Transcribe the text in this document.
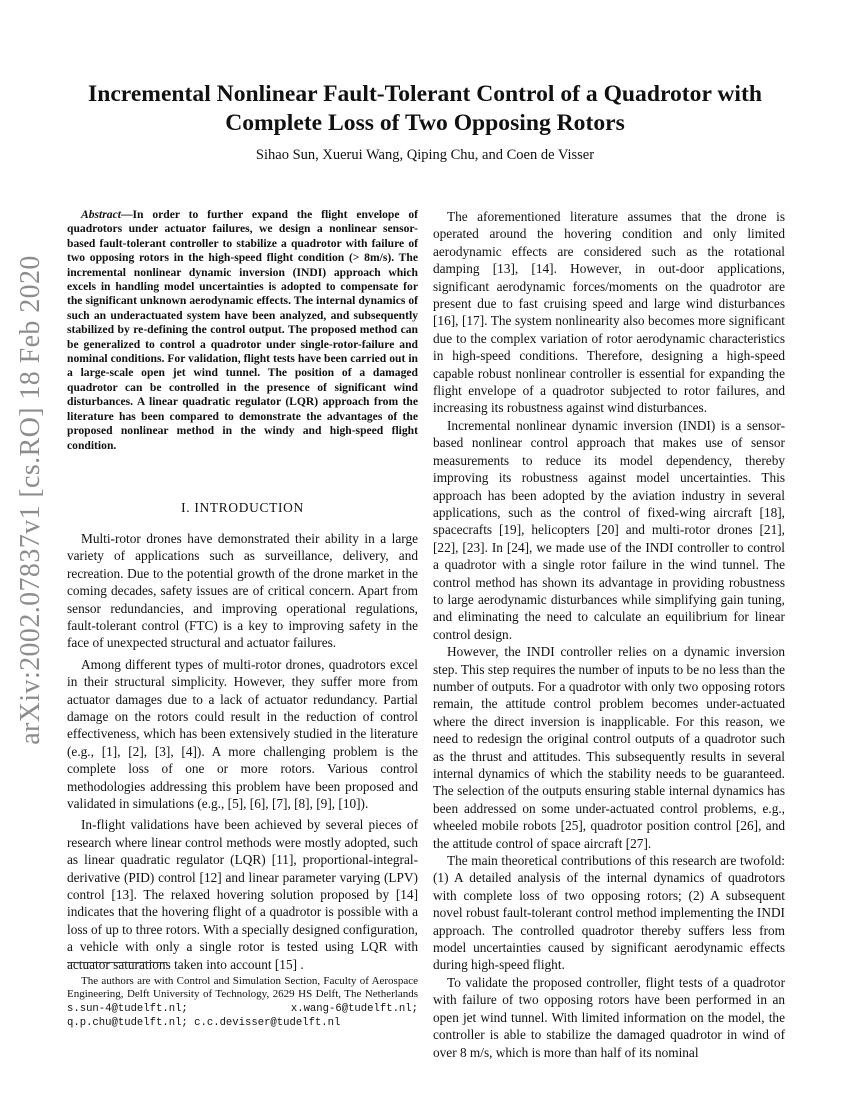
arXiv:2002.07837v1 [cs.RO] 18 Feb 2020
Incremental Nonlinear Fault-Tolerant Control of a Quadrotor with Complete Loss of Two Opposing Rotors

Sihao Sun, Xuerui Wang, Qiping Chu, and Coen de Visser

Abstract—In order to further expand the flight envelope of quadrotors under actuator failures, we design a nonlinear sensor-based fault-tolerant controller to stabilize a quadrotor with failure of two opposing rotors in the high-speed flight condition (> 8m/s). The incremental nonlinear dynamic inversion (INDI) approach which excels in handling model uncertainties is adopted to compensate for the significant unknown aerodynamic effects. The internal dynamics of such an underactuated system have been analyzed, and subsequently stabilized by re-defining the control output. The proposed method can be generalized to control a quadrotor under single-rotor-failure and nominal conditions. For validation, flight tests have been carried out in a large-scale open jet wind tunnel. The position of a damaged quadrotor can be controlled in the presence of significant wind disturbances. A linear quadratic regulator (LQR) approach from the literature has been compared to demonstrate the advantages of the proposed nonlinear method in the windy and high-speed flight condition.

I. INTRODUCTION

Multi-rotor drones have demonstrated their ability in a large variety of applications such as surveillance, delivery, and recreation. Due to the potential growth of the drone market in the coming decades, safety issues are of critical concern. Apart from sensor redundancies, and improving operational regulations, fault-tolerant control (FTC) is a key to improving safety in the face of unexpected structural and actuator failures.

Among different types of multi-rotor drones, quadrotors excel in their structural simplicity. However, they suffer more from actuator damages due to a lack of actuator redundancy. Partial damage on the rotors could result in the reduction of control effectiveness, which has been extensively studied in the literature (e.g., [1], [2], [3], [4]). A more challenging problem is the complete loss of one or more rotors. Various control methodologies addressing this problem have been proposed and validated in simulations (e.g., [5], [6], [7], [8], [9], [10]).

In-flight validations have been achieved by several pieces of research where linear control methods were mostly adopted, such as linear quadratic regulator (LQR) [11], proportional-integral-derivative (PID) control [12] and linear parameter varying (LPV) control [13]. The relaxed hovering solution proposed by [14] indicates that the hovering flight of a quadrotor is possible with a loss of up to three rotors. With a specially designed configuration, a vehicle with only a single rotor is tested using LQR with actuator saturations taken into account [15] .

The authors are with Control and Simulation Section, Faculty of Aerospace Engineering, Delft University of Technology, 2629 HS Delft, The Netherlands s.sun-4@tudelft.nl; x.wang-6@tudelft.nl; q.p.chu@tudelft.nl; c.c.devisser@tudelft.nl

The aforementioned literature assumes that the drone is operated around the hovering condition and only limited aerodynamic effects are considered such as the rotational damping [13], [14]. However, in out-door applications, significant aerodynamic forces/moments on the quadrotor are present due to fast cruising speed and large wind disturbances [16], [17]. The system nonlinearity also becomes more significant due to the complex variation of rotor aerodynamic characteristics in high-speed conditions. Therefore, designing a high-speed capable robust nonlinear controller is essential for expanding the flight envelope of a quadrotor subjected to rotor failures, and increasing its robustness against wind disturbances.

Incremental nonlinear dynamic inversion (INDI) is a sensor-based nonlinear control approach that makes use of sensor measurements to reduce its model dependency, thereby improving its robustness against model uncertainties. This approach has been adopted by the aviation industry in several applications, such as the control of fixed-wing aircraft [18], spacecrafts [19], helicopters [20] and multi-rotor drones [21], [22], [23]. In [24], we made use of the INDI controller to control a quadrotor with a single rotor failure in the wind tunnel. The control method has shown its advantage in providing robustness to large aerodynamic disturbances while simplifying gain tuning, and eliminating the need to calculate an equilibrium for linear control design.

However, the INDI controller relies on a dynamic inversion step. This step requires the number of inputs to be no less than the number of outputs. For a quadrotor with only two opposing rotors remain, the attitude control problem becomes under-actuated where the direct inversion is inapplicable. For this reason, we need to redesign the original control outputs of a quadrotor such as the thrust and attitudes. This subsequently results in several internal dynamics of which the stability needs to be guaranteed. The selection of the outputs ensuring stable internal dynamics has been addressed on some under-actuated control problems, e.g., wheeled mobile robots [25], quadrotor position control [26], and the attitude control of space aircraft [27].

The main theoretical contributions of this research are twofold: (1) A detailed analysis of the internal dynamics of quadrotors with complete loss of two opposing rotors; (2) A subsequent novel robust fault-tolerant control method implementing the INDI approach. The controlled quadrotor thereby suffers less from model uncertainties caused by significant aerodynamic effects during high-speed flight.

To validate the proposed controller, flight tests of a quadrotor with failure of two opposing rotors have been performed in an open jet wind tunnel. With limited information on the model, the controller is able to stabilize the damaged quadrotor in wind of over 8 m/s, which is more than half of its nominal
